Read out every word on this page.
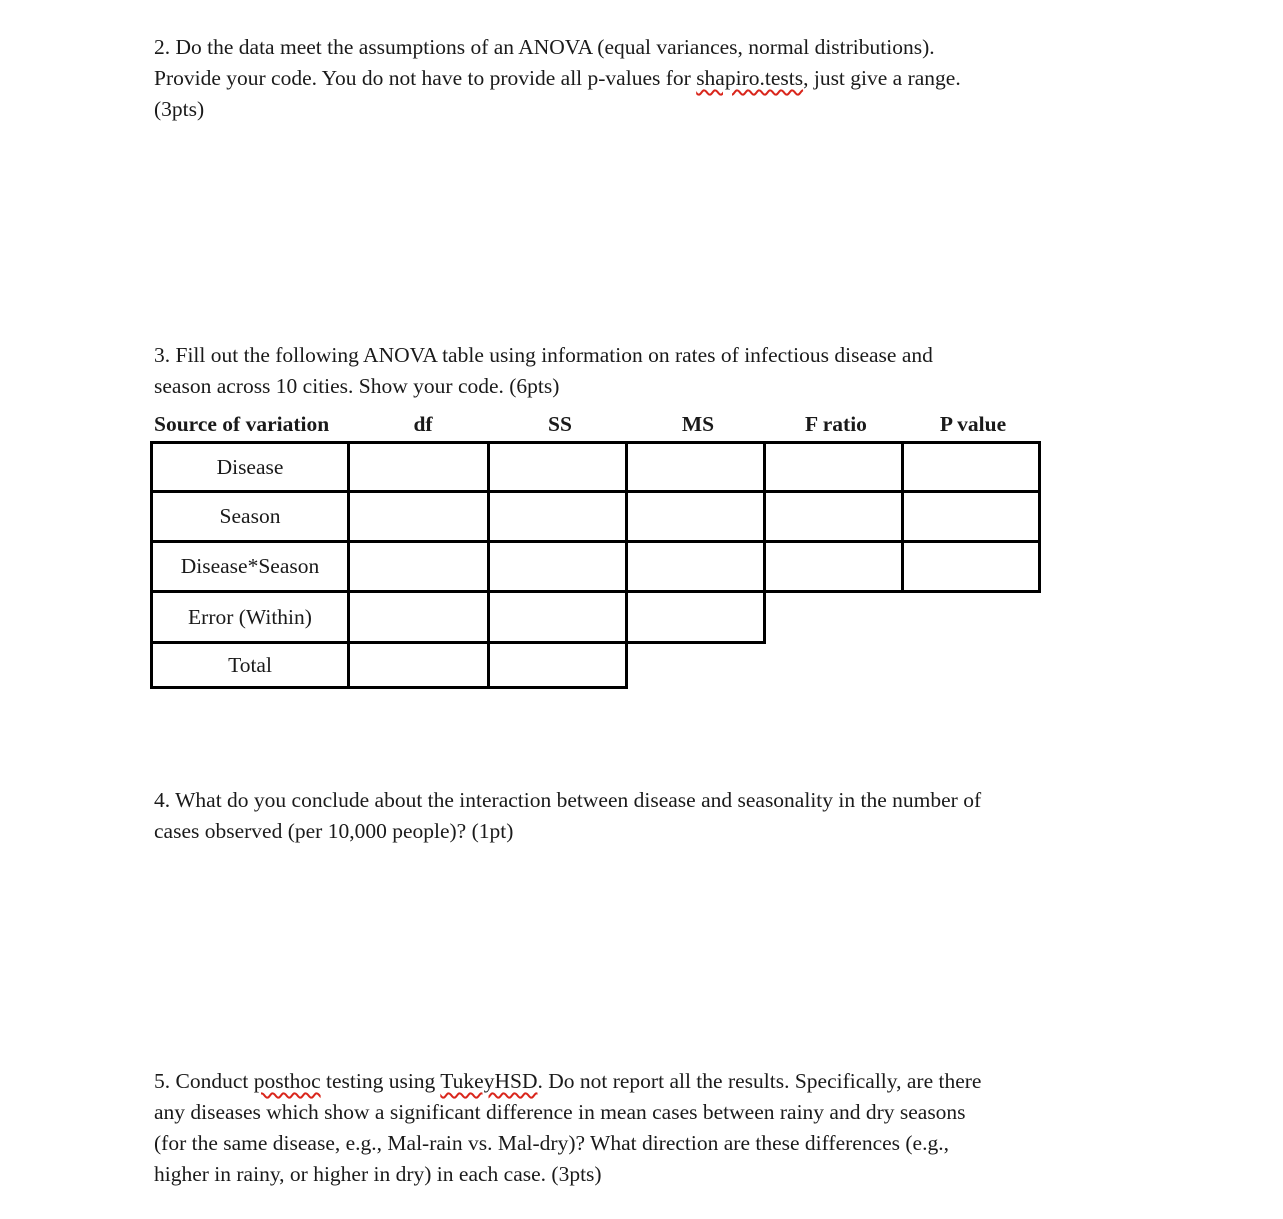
2. Do the data meet the assumptions of an ANOVA (equal variances, normal distributions).
Provide your code. You do not have to provide all p-values for shapiro.tests, just give a range.
(3pts)
3. Fill out the following ANOVA table using information on rates of infectious disease and
season across 10 cities. Show your code. (6pts)
Source of variation	df	SS	MS	F ratio	P value
Disease
Season
Disease*Season
Error (Within)
Total
4. What do you conclude about the interaction between disease and seasonality in the number of
cases observed (per 10,000 people)? (1pt)
5. Conduct posthoc testing using TukeyHSD. Do not report all the results. Specifically, are there
any diseases which show a significant difference in mean cases between rainy and dry seasons
(for the same disease, e.g., Mal-rain vs. Mal-dry)? What direction are these differences (e.g.,
higher in rainy, or higher in dry) in each case. (3pts)
